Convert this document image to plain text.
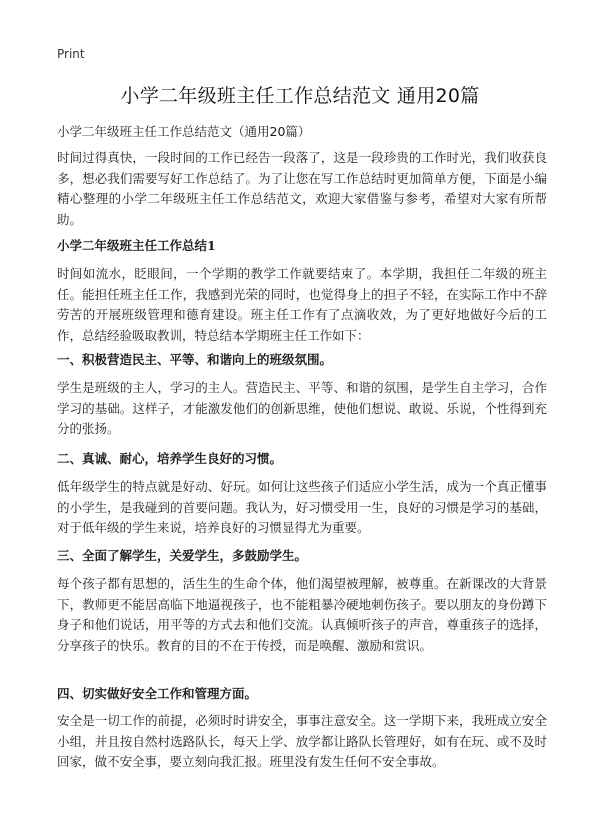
Print
小学二年级班主任工作总结范文 通用20篇
小学二年级班主任工作总结范文（通用20篇）
时间过得真快，一段时间的工作已经告一段落了，这是一段珍贵的工作时光，我们收获良多，想必我们需要写好工作总结了。为了让您在写工作总结时更加简单方便，下面是小编精心整理的小学二年级班主任工作总结范文，欢迎大家借鉴与参考，希望对大家有所帮助。
小学二年级班主任工作总结1
时间如流水，眨眼间，一个学期的教学工作就要结束了。本学期，我担任二年级的班主任。能担任班主任工作，我感到光荣的同时，也觉得身上的担子不轻，在实际工作中不辞劳苦的开展班级管理和德育建设。班主任工作有了点滴收效，为了更好地做好今后的工作，总结经验吸取教训，特总结本学期班主任工作如下：
一、积极营造民主、平等、和谐向上的班级氛围。
学生是班级的主人，学习的主人。营造民主、平等、和谐的氛围，是学生自主学习，合作学习的基础。这样子，才能激发他们的创新思维，使他们想说、敢说、乐说，个性得到充分的张扬。
二、真诚、耐心，培养学生良好的习惯。
低年级学生的特点就是好动、好玩。如何让这些孩子们适应小学生活，成为一个真正懂事的小学生，是我碰到的首要问题。我认为，好习惯受用一生，良好的习惯是学习的基础，对于低年级的学生来说，培养良好的习惯显得尤为重要。
三、全面了解学生，关爱学生，多鼓励学生。
每个孩子都有思想的，活生生的生命个体，他们渴望被理解，被尊重。在新课改的大背景下，教师更不能居高临下地逼视孩子，也不能粗暴冷硬地刺伤孩子。要以朋友的身份蹲下身子和他们说话，用平等的方式去和他们交流。认真倾听孩子的声音，尊重孩子的选择，分享孩子的快乐。教育的目的不在于传授，而是唤醒、激励和赏识。
四、切实做好安全工作和管理方面。
安全是一切工作的前提，必须时时讲安全，事事注意安全。这一学期下来，我班成立安全小组，并且按自然村选路队长，每天上学、放学都让路队长管理好，如有在玩、或不及时回家，做不安全事，要立刻向我汇报。班里没有发生任何不安全事故。
